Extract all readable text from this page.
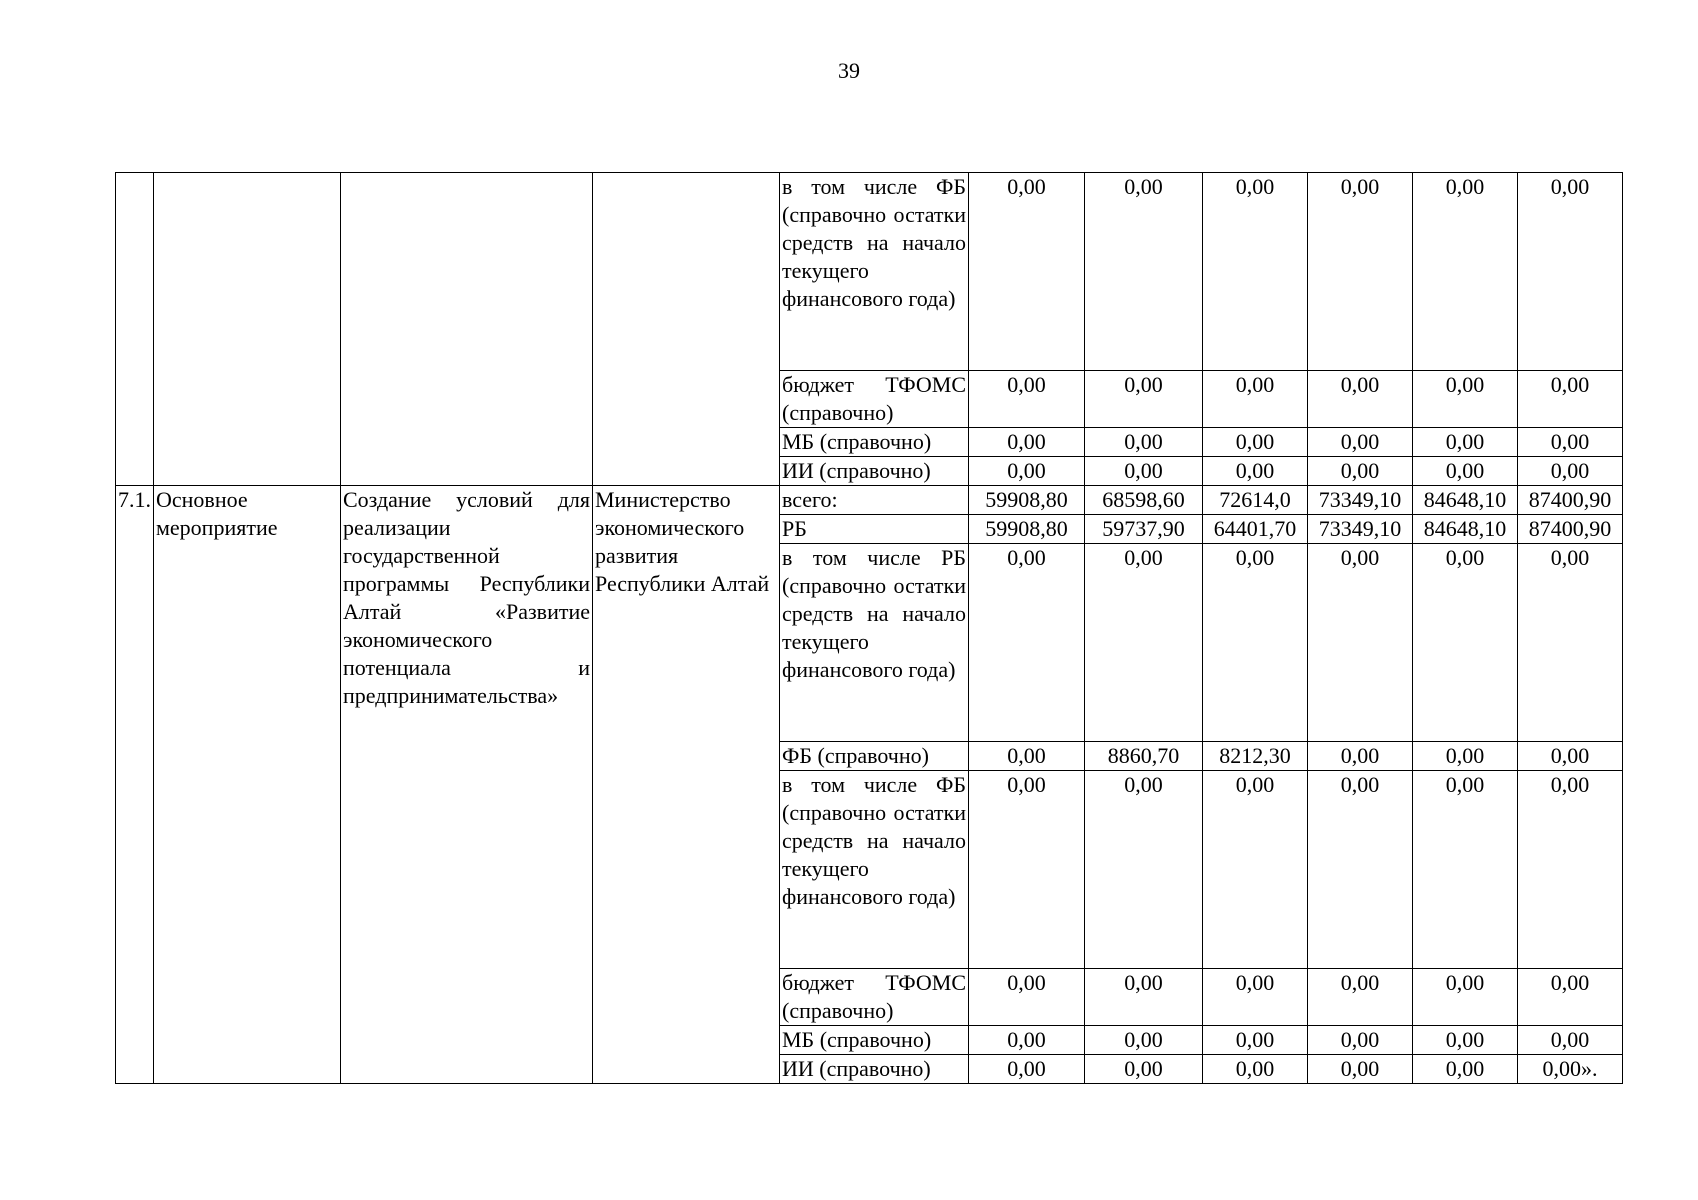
39
				в том числе ФБ (справочно остатки средств на начало текущего финансового года)	0,00	0,00	0,00	0,00	0,00	0,00
				бюджет ТФОМС (справочно)	0,00	0,00	0,00	0,00	0,00	0,00
				МБ (справочно)	0,00	0,00	0,00	0,00	0,00	0,00
				ИИ (справочно)	0,00	0,00	0,00	0,00	0,00	0,00
7.1.	Основное мероприятие	Создание условий для реализации государственной программы Республики Алтай «Развитие экономического потенциала и предпринимательства»	Министерство экономического развития Республики Алтай	всего:	59908,80	68598,60	72614,0	73349,10	84648,10	87400,90
				РБ	59908,80	59737,90	64401,70	73349,10	84648,10	87400,90
				в том числе РБ (справочно остатки средств на начало текущего финансового года)	0,00	0,00	0,00	0,00	0,00	0,00
				ФБ (справочно)	0,00	8860,70	8212,30	0,00	0,00	0,00
				в том числе ФБ (справочно остатки средств на начало текущего финансового года)	0,00	0,00	0,00	0,00	0,00	0,00
				бюджет ТФОМС (справочно)	0,00	0,00	0,00	0,00	0,00	0,00
				МБ (справочно)	0,00	0,00	0,00	0,00	0,00	0,00
				ИИ (справочно)	0,00	0,00	0,00	0,00	0,00	0,00».
